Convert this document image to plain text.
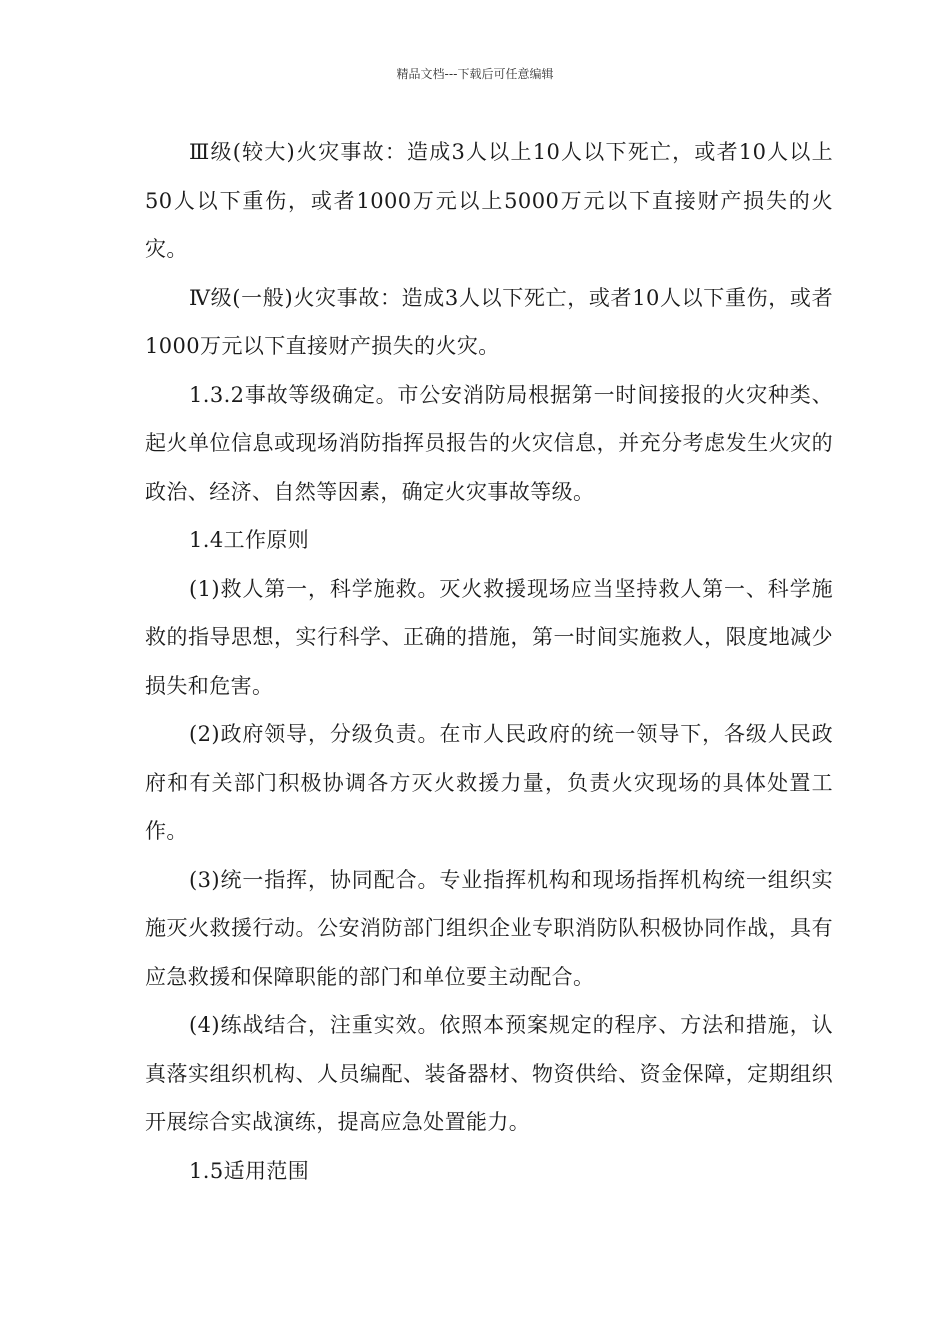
精品文档---下载后可任意编辑

Ⅲ级(较大)火灾事故：造成3人以上10人以下死亡，或者10人以上50人以下重伤，或者1000万元以上5000万元以下直接财产损失的火灾。

Ⅳ级(一般)火灾事故：造成3人以下死亡，或者10人以下重伤，或者1000万元以下直接财产损失的火灾。

1.3.2事故等级确定。市公安消防局根据第一时间接报的火灾种类、起火单位信息或现场消防指挥员报告的火灾信息，并充分考虑发生火灾的政治、经济、自然等因素，确定火灾事故等级。

1.4工作原则

(1)救人第一，科学施救。灭火救援现场应当坚持救人第一、科学施救的指导思想，实行科学、正确的措施，第一时间实施救人，限度地减少损失和危害。

(2)政府领导，分级负责。在市人民政府的统一领导下，各级人民政府和有关部门积极协调各方灭火救援力量，负责火灾现场的具体处置工作。

(3)统一指挥，协同配合。专业指挥机构和现场指挥机构统一组织实施灭火救援行动。公安消防部门组织企业专职消防队积极协同作战，具有应急救援和保障职能的部门和单位要主动配合。

(4)练战结合，注重实效。依照本预案规定的程序、方法和措施，认真落实组织机构、人员编配、装备器材、物资供给、资金保障，定期组织开展综合实战演练，提高应急处置能力。

1.5适用范围
